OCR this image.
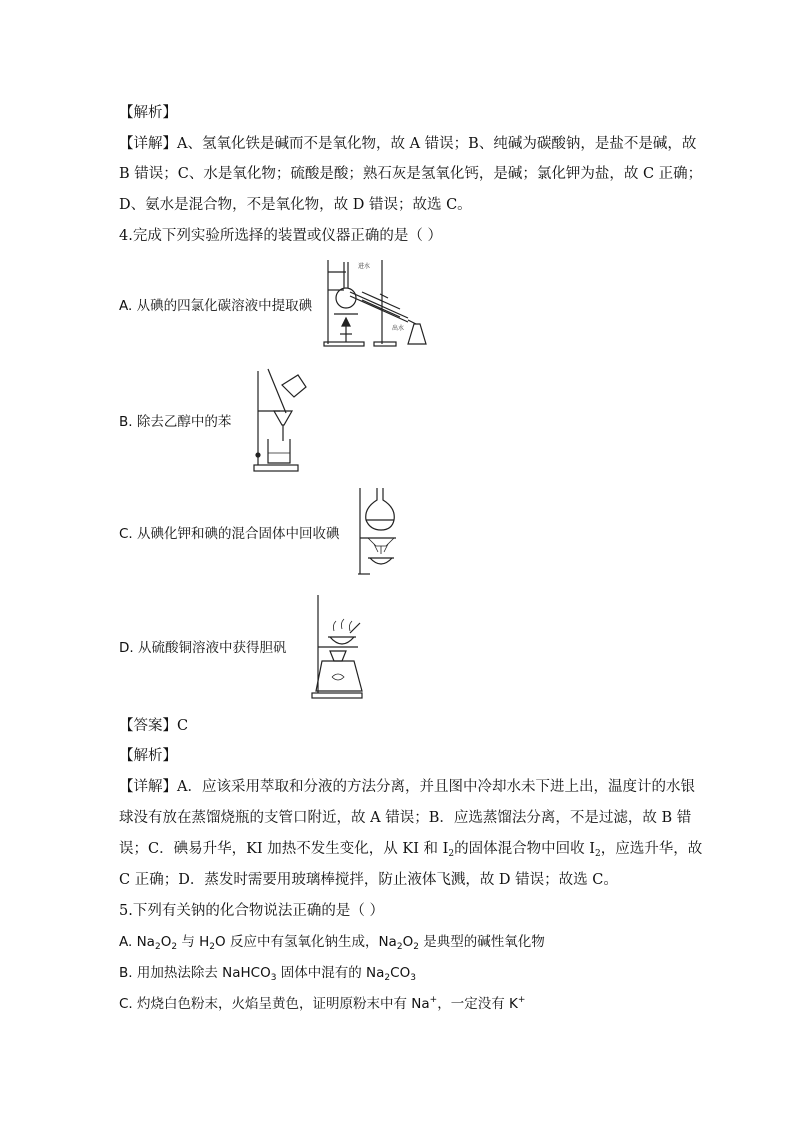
【解析】
【详解】A、氢氧化铁是碱而不是氧化物，故 A 错误；B、纯碱为碳酸钠，是盐不是碱，故
B 错误；C、水是氧化物；硫酸是酸；熟石灰是氢氧化钙，是碱；氯化钾为盐，故 C 正确；
D、氨水是混合物，不是氧化物，故 D 错误；故选 C。
4.完成下列实验所选择的装置或仪器正确的是（ ）
A. 从碘的四氯化碳溶液中提取碘
进水
出水
B. 除去乙醇中的苯
C. 从碘化钾和碘的混合固体中回收碘
D. 从硫酸铜溶液中获得胆矾
【答案】C
【解析】
【详解】A．应该采用萃取和分液的方法分离，并且图中冷却水未下进上出，温度计的水银
球没有放在蒸馏烧瓶的支管口附近，故 A 错误；B．应选蒸馏法分离，不是过滤，故 B 错
误；C．碘易升华，KI 加热不发生变化，从 KI 和 $I_2$的固体混合物中回收 $I_2$，应选升华，故
C 正确；D．蒸发时需要用玻璃棒搅拌，防止液体飞溅，故 D 错误；故选 C。
5.下列有关钠的化合物说法正确的是（ ）
A. $Na_2O_2$ 与 $H_2O$ 反应中有氢氧化钠生成，$Na_2O_2$ 是典型的碱性氧化物
B. 用加热法除去 NaHCO$_3$ 固体中混有的 $Na_2CO_3$
C. 灼烧白色粉末，火焰呈黄色，证明原粉末中有 Na+，一定没有 K+
